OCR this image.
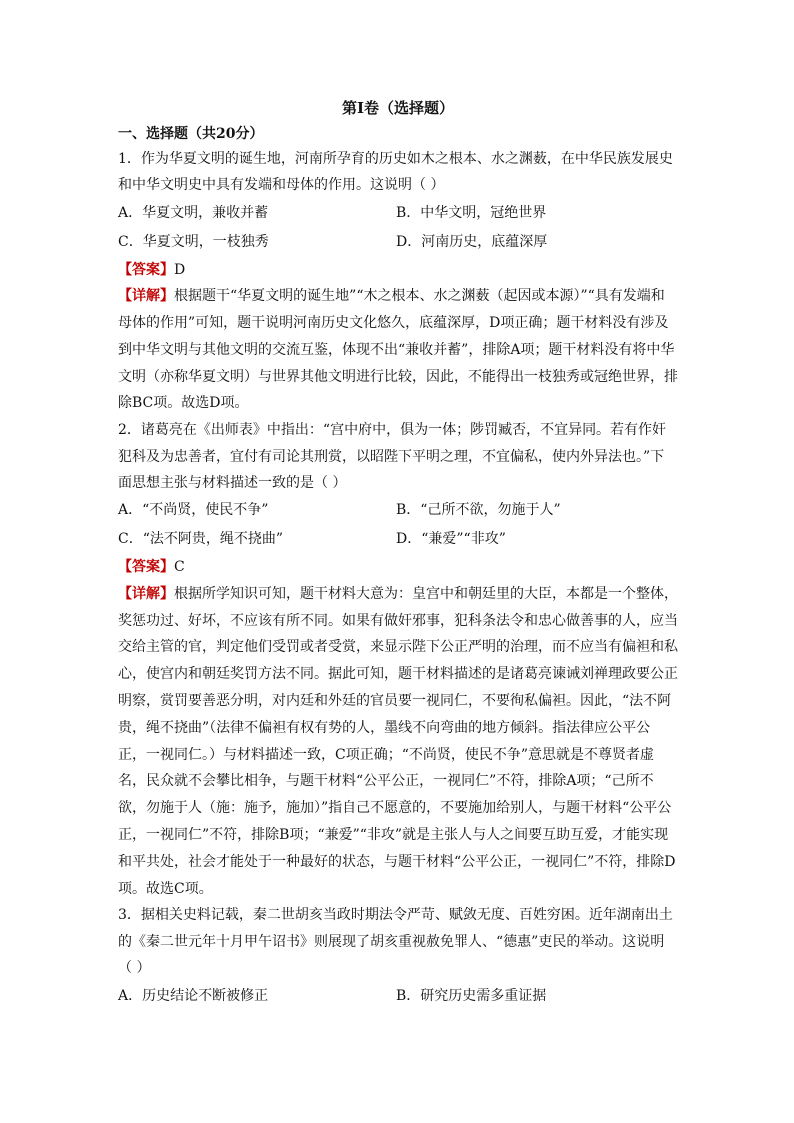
第I卷（选择题）
一、选择题（共20分）
1．作为华夏文明的诞生地，河南所孕育的历史如木之根本、水之渊薮，在中华民族发展史和中华文明史中具有发端和母体的作用。这说明（ ）
A．华夏文明，兼收并蓄	B．中华文明，冠绝世界
C．华夏文明，一枝独秀	D．河南历史，底蕴深厚
【答案】D
【详解】根据题干“华夏文明的诞生地”“木之根本、水之渊薮（起因或本源）”“具有发端和母体的作用”可知，题干说明河南历史文化悠久，底蕴深厚，D项正确；题干材料没有涉及到中华文明与其他文明的交流互鉴，体现不出“兼收并蓄”，排除A项；题干材料没有将中华文明（亦称华夏文明）与世界其他文明进行比较，因此，不能得出一枝独秀或冠绝世界，排除BC项。故选D项。
2．诸葛亮在《出师表》中指出：“宫中府中，俱为一体；陟罚臧否，不宜异同。若有作奸犯科及为忠善者，宜付有司论其刑赏，以昭陛下平明之理，不宜偏私，使内外异法也。”下面思想主张与材料描述一致的是（ ）
A．“不尚贤，使民不争”	B．“己所不欲，勿施于人”
C．“法不阿贵，绳不挠曲”	D．“兼爱”“非攻”
【答案】C
【详解】根据所学知识可知，题干材料大意为：皇宫中和朝廷里的大臣，本都是一个整体，奖惩功过、好坏，不应该有所不同。如果有做奸邪事，犯科条法令和忠心做善事的人，应当交给主管的官，判定他们受罚或者受赏，来显示陛下公正严明的治理，而不应当有偏袒和私心，使宫内和朝廷奖罚方法不同。据此可知，题干材料描述的是诸葛亮谏诫刘禅理政要公正明察，赏罚要善恶分明，对内廷和外廷的官员要一视同仁，不要徇私偏袒。因此，“法不阿贵，绳不挠曲”（法律不偏袒有权有势的人，墨线不向弯曲的地方倾斜。指法律应公平公正，一视同仁。）与材料描述一致，C项正确；“不尚贤，使民不争”意思就是不尊贤者虚名，民众就不会攀比相争，与题干材料“公平公正，一视同仁”不符，排除A项；“己所不欲，勿施于人（施：施予，施加）”指自己不愿意的，不要施加给别人，与题干材料“公平公正，一视同仁”不符，排除B项；“兼爱”“非攻”就是主张人与人之间要互助互爱，才能实现和平共处，社会才能处于一种最好的状态，与题干材料“公平公正，一视同仁”不符，排除D项。故选C项。
3．据相关史料记载，秦二世胡亥当政时期法令严苛、赋敛无度、百姓穷困。近年湖南出土的《秦二世元年十月甲午诏书》则展现了胡亥重视赦免罪人、“德惠”吏民的举动。这说明（ ）
A．历史结论不断被修正	B．研究历史需多重证据
